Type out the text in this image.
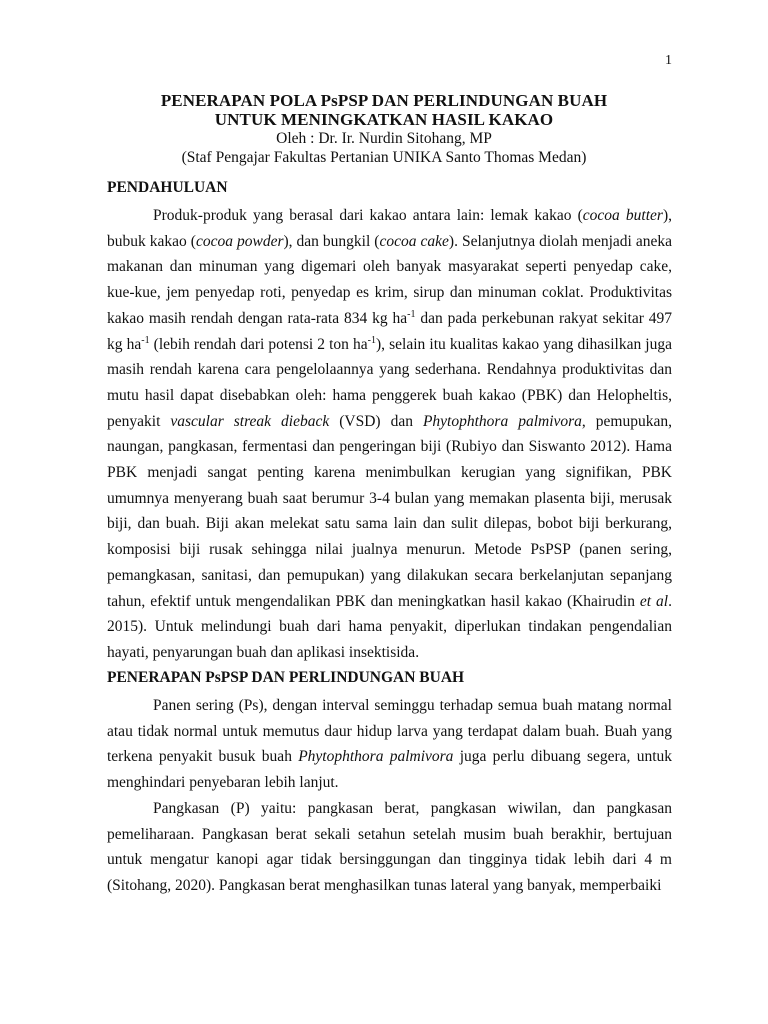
1
PENERAPAN POLA PsPSP DAN PERLINDUNGAN BUAH
UNTUK MENINGKATKAN HASIL KAKAO
Oleh : Dr. Ir. Nurdin Sitohang, MP
(Staf Pengajar Fakultas Pertanian UNIKA Santo Thomas Medan)
PENDAHULUAN

Produk-produk yang berasal dari kakao antara lain: lemak kakao (cocoa butter), bubuk kakao (cocoa powder), dan bungkil (cocoa cake). Selanjutnya diolah menjadi aneka makanan dan minuman yang digemari oleh banyak masyarakat seperti penyedap cake, kue-kue, jem penyedap roti, penyedap es krim, sirup dan minuman coklat. Produktivitas kakao masih rendah dengan rata-rata 834 kg $ha^{-1}$ dan pada perkebunan rakyat sekitar 497 kg $ha^{-1}$ (lebih rendah dari potensi 2 ton $ha^{-1}$), selain itu kualitas kakao yang dihasilkan juga masih rendah karena cara pengelolaannya yang sederhana. Rendahnya produktivitas dan mutu hasil dapat disebabkan oleh: hama penggerek buah kakao (PBK) dan Helopheltis, penyakit vascular streak dieback (VSD) dan Phytophthora palmivora, pemupukan, naungan, pangkasan, fermentasi dan pengeringan biji (Rubiyo dan Siswanto 2012). Hama PBK menjadi sangat penting karena menimbulkan kerugian yang signifikan, PBK umumnya menyerang buah saat berumur 3-4 bulan yang memakan plasenta biji, merusak biji, dan buah. Biji akan melekat satu sama lain dan sulit dilepas, bobot biji berkurang, komposisi biji rusak sehingga nilai jualnya menurun. Metode PsPSP (panen sering, pemangkasan, sanitasi, dan pemupukan) yang dilakukan secara berkelanjutan sepanjang tahun, efektif untuk mengendalikan PBK dan meningkatkan hasil kakao (Khairudin et al. 2015). Untuk melindungi buah dari hama penyakit, diperlukan tindakan pengendalian hayati, penyarungan buah dan aplikasi insektisida.

PENERAPAN PsPSP DAN PERLINDUNGAN BUAH

Panen sering (Ps), dengan interval seminggu terhadap semua buah matang normal atau tidak normal untuk memutus daur hidup larva yang terdapat dalam buah. Buah yang terkena penyakit busuk buah Phytophthora palmivora juga perlu dibuang segera, untuk menghindari penyebaran lebih lanjut.

Pangkasan (P) yaitu: pangkasan berat, pangkasan wiwilan, dan pangkasan pemeliharaan. Pangkasan berat sekali setahun setelah musim buah berakhir, bertujuan untuk mengatur kanopi agar tidak bersinggungan dan tingginya tidak lebih dari 4 m (Sitohang, 2020). Pangkasan berat menghasilkan tunas lateral yang banyak, memperbaiki
